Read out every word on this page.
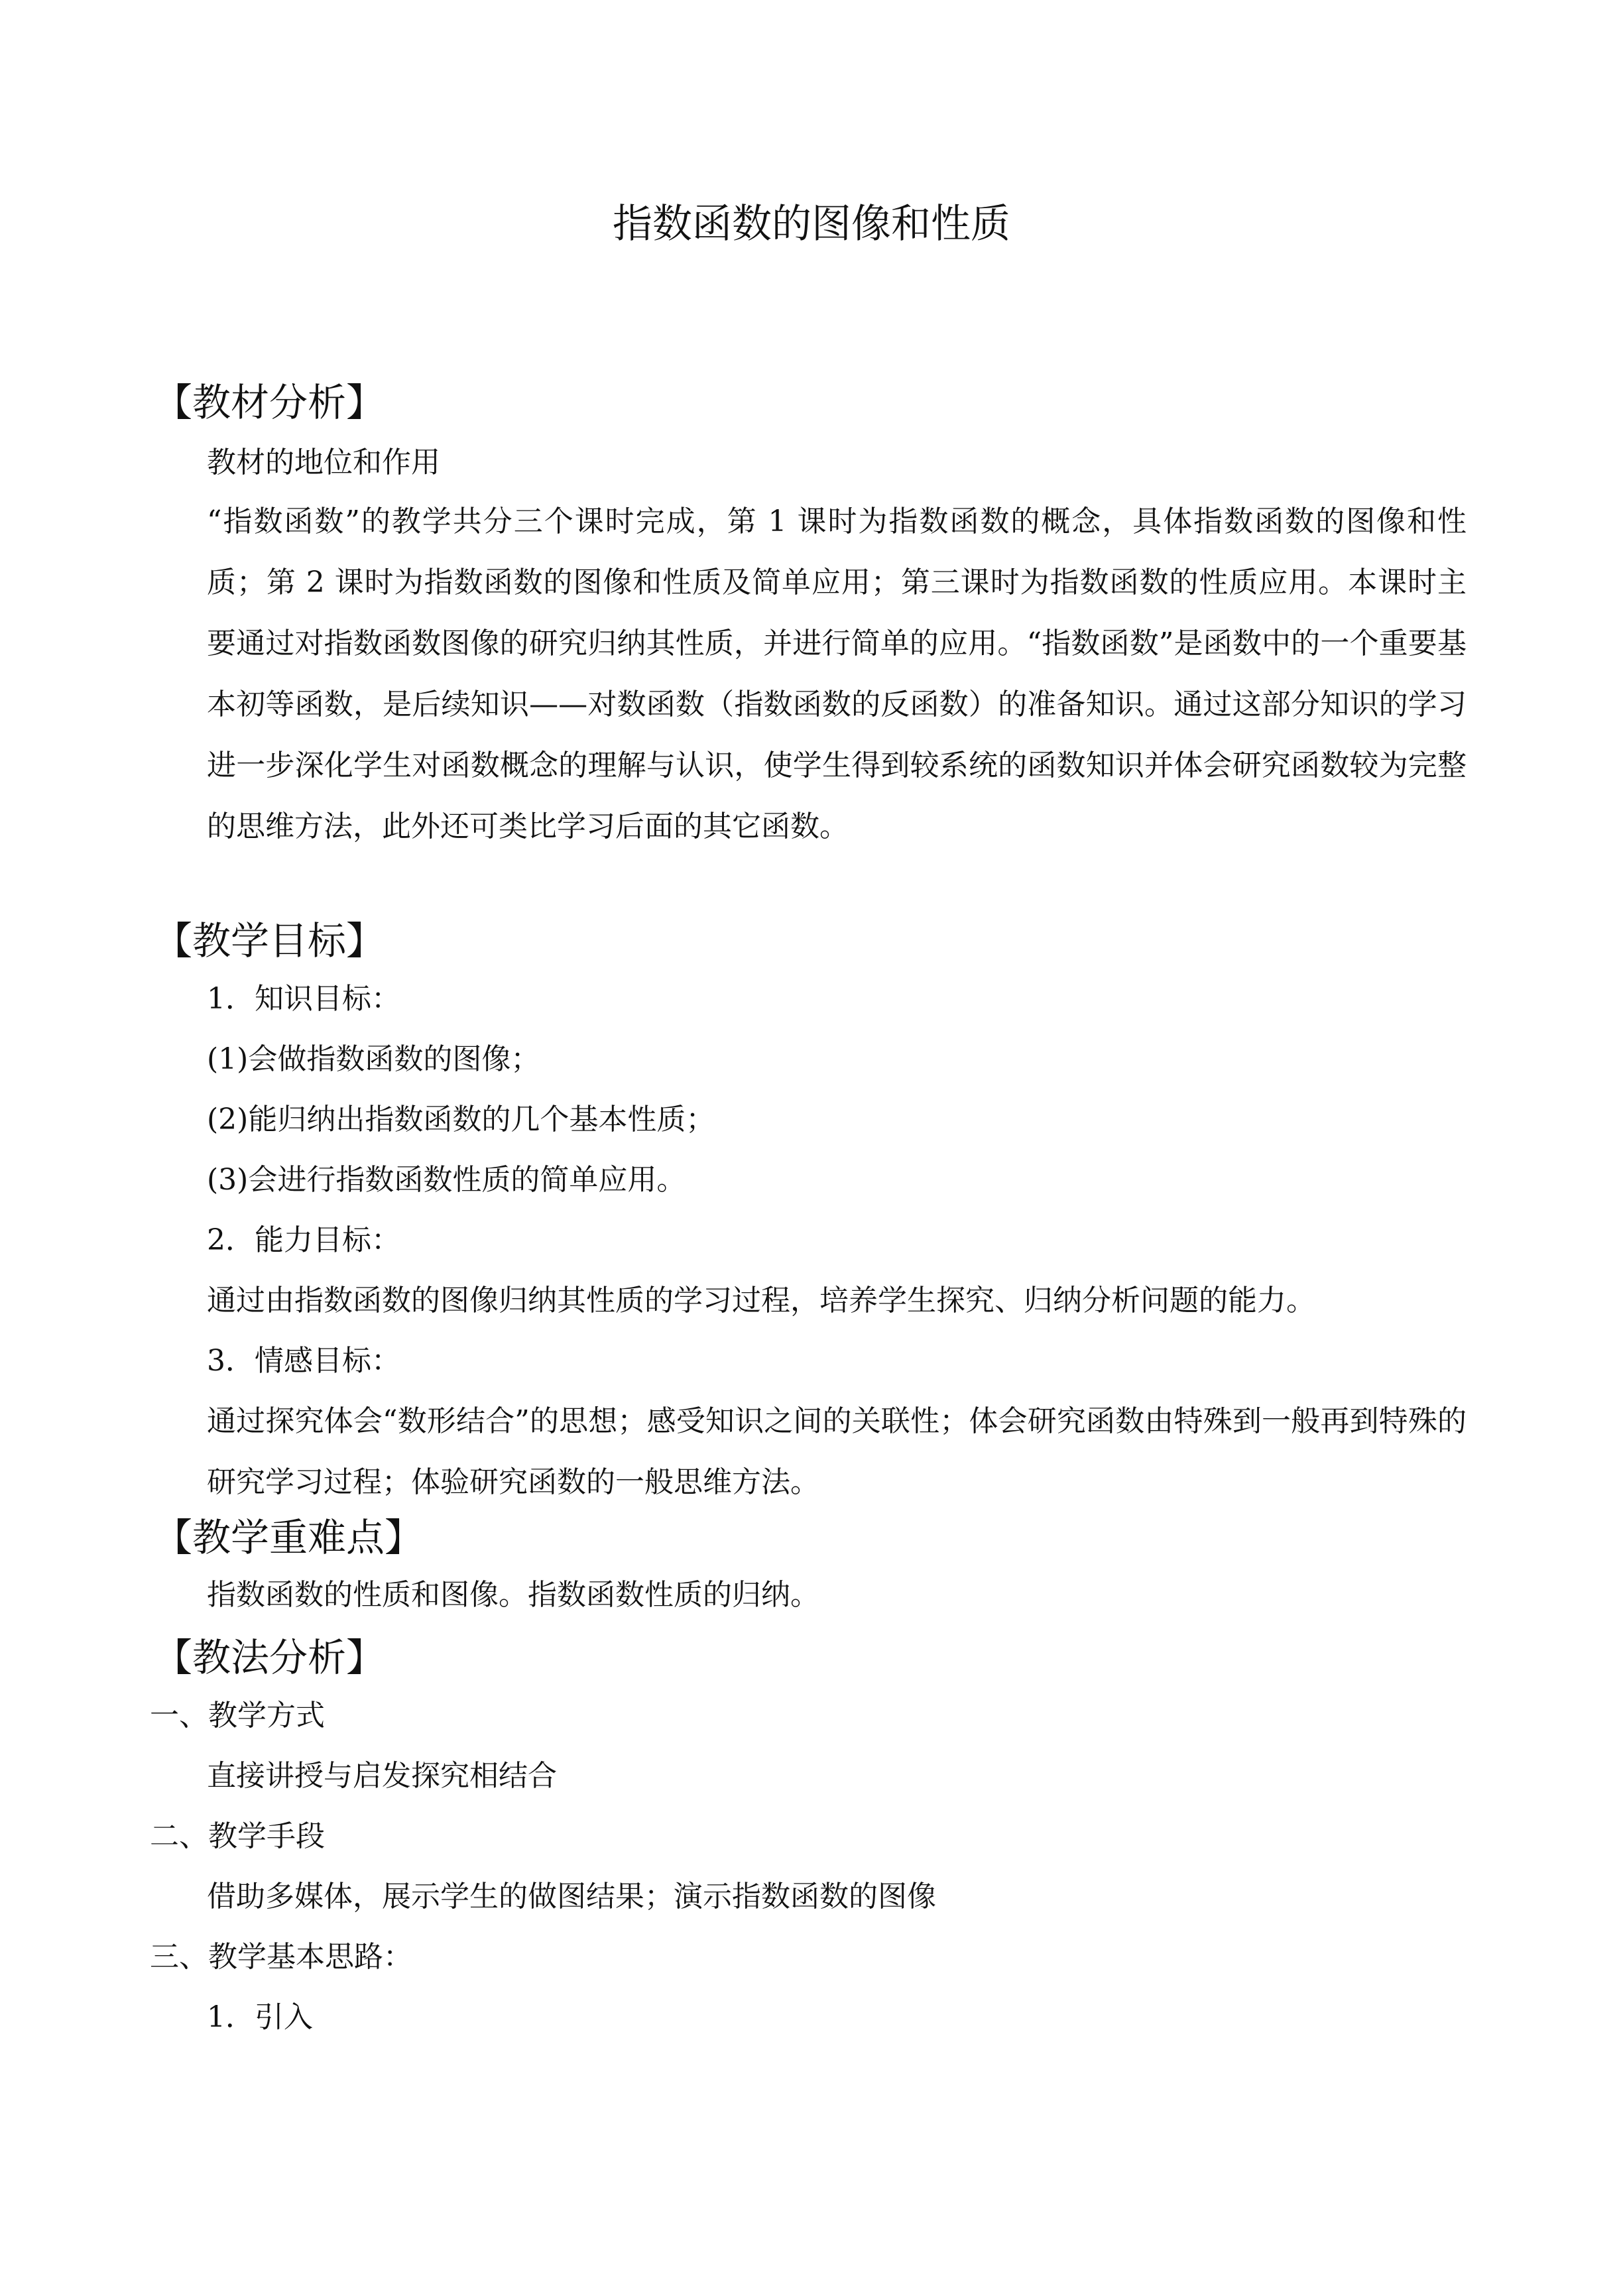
指数函数的图像和性质
【教材分析】

教材的地位和作用

“指数函数”的教学共分三个课时完成，第 1 课时为指数函数的概念，具体指数函数的图像和性质；第 2 课时为指数函数的图像和性质及简单应用；第三课时为指数函数的性质应用。本课时主要通过对指数函数图像的研究归纳其性质，并进行简单的应用。“指数函数”是函数中的一个重要基本初等函数，是后续知识——对数函数（指数函数的反函数）的准备知识。通过这部分知识的学习进一步深化学生对函数概念的理解与认识，使学生得到较系统的函数知识并体会研究函数较为完整的思维方法，此外还可类比学习后面的其它函数。

【教学目标】

1．知识目标：

(1)会做指数函数的图像；

(2)能归纳出指数函数的几个基本性质；

(3)会进行指数函数性质的简单应用。

2．能力目标：

通过由指数函数的图像归纳其性质的学习过程，培养学生探究、归纳分析问题的能力。

3．情感目标：

通过探究体会“数形结合”的思想；感受知识之间的关联性；体会研究函数由特殊到一般再到特殊的研究学习过程；体验研究函数的一般思维方法。

【教学重难点】

指数函数的性质和图像。指数函数性质的归纳。

【教法分析】

一、教学方式

直接讲授与启发探究相结合

二、教学手段

借助多媒体，展示学生的做图结果；演示指数函数的图像

三、教学基本思路：

1．引入
